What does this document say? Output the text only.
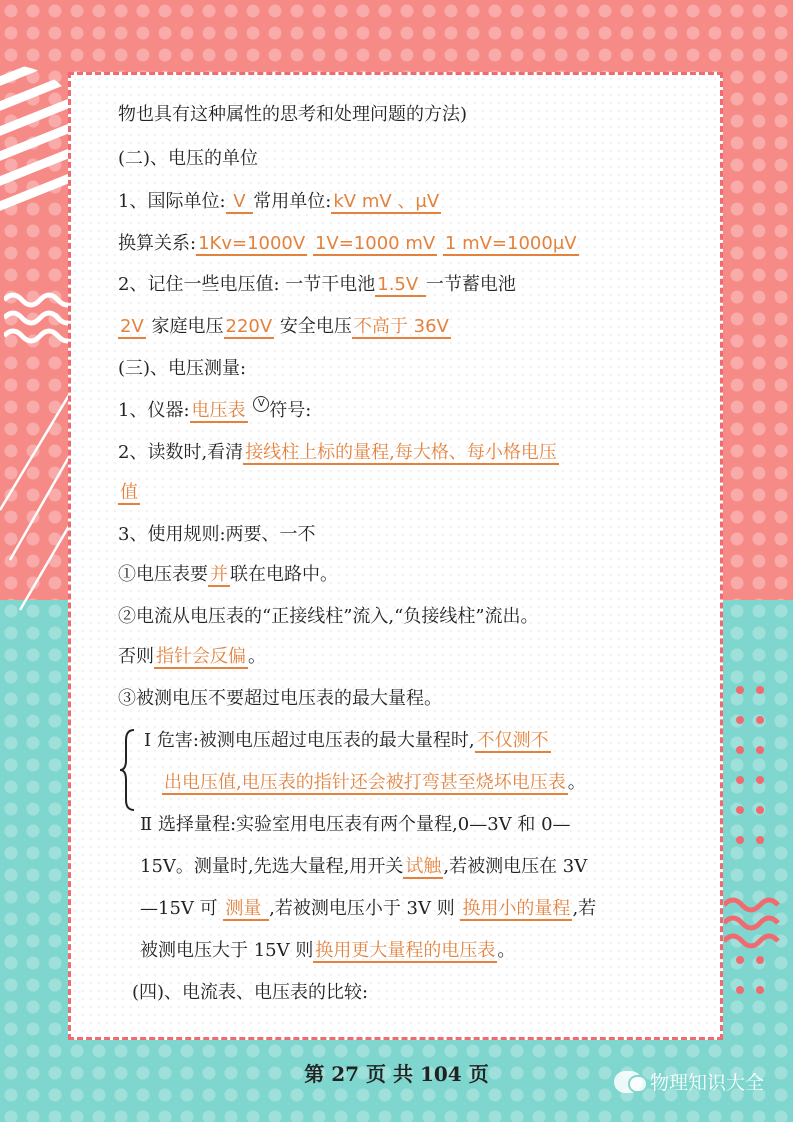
物也具有这种属性的思考和处理问题的方法)
(二)、电压的单位
1、国际单位: V 常用单位: kV mV 、μV
换算关系: 1Kv=1000V 1V=1000 mV 1 mV=1000μV
2、记住一些电压值: 一节干电池 1.5V 一节蓄电池
2V 家庭电压 220V 安全电压 不高于 36V
(三)、电压测量:
1、仪器: 电压表 V 符号:
2、读数时,看清 接线柱上标的量程,每大格、每小格电压
值
3、使用规则:两要、一不
①电压表要 并 联在电路中。
②电流从电压表的“正接线柱”流入,“负接线柱”流出。
否则 指针会反偏 。
③被测电压不要超过电压表的最大量程。
Ⅰ 危害:被测电压超过电压表的最大量程时, 不仅测不
出电压值,电压表的指针还会被打弯甚至烧坏电压表 。
Ⅱ 选择量程:实验室用电压表有两个量程,0—3V 和 0—
15V。测量时,先选大量程,用开关 试触 ,若被测电压在 3V
—15V 可 测量 ,若被测电压小于 3V 则 换用小的量程 ,若
被测电压大于 15V 则 换用更大量程的电压表 。
(四)、电流表、电压表的比较:
第 27 页 共 104 页	物理知识大全
